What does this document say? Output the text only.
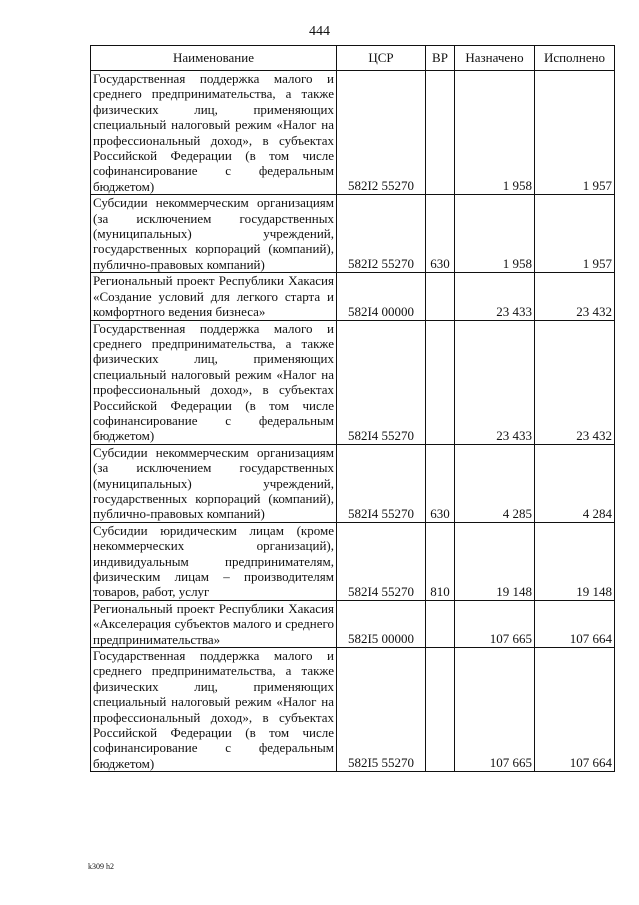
444
Наименование	ЦСР	ВР	Назначено	Исполнено
Государственная поддержка малого и среднего предпринимательства, а также физических лиц, применяющих специальный налоговый режим «Налог на профессиональный доход», в субъектах Российской Федерации (в том числе софинансирование с федеральным бюджетом)	582I2 55270		1 958	1 957
Субсидии некоммерческим организациям (за исключением государственных (муниципальных) учреждений, государственных корпораций (компаний), публично-правовых компаний)	582I2 55270	630	1 958	1 957
Региональный проект Республики Хакасия «Создание условий для легкого старта и комфортного ведения бизнеса»	582I4 00000		23 433	23 432
Государственная поддержка малого и среднего предпринимательства, а также физических лиц, применяющих специальный налоговый режим «Налог на профессиональный доход», в субъектах Российской Федерации (в том числе софинансирование с федеральным бюджетом)	582I4 55270		23 433	23 432
Субсидии некоммерческим организациям (за исключением государственных (муниципальных) учреждений, государственных корпораций (компаний), публично-правовых компаний)	582I4 55270	630	4 285	4 284
Субсидии юридическим лицам (кроме некоммерческих организаций), индивидуальным предпринимателям, физическим лицам – производителям товаров, работ, услуг	582I4 55270	810	19 148	19 148
Региональный проект Республики Хакасия «Акселерация субъектов малого и среднего предпринимательства»	582I5 00000		107 665	107 664
Государственная поддержка малого и среднего предпринимательства, а также физических лиц, применяющих специальный налоговый режим «Налог на профессиональный доход», в субъектах Российской Федерации (в том числе софинансирование с федеральным бюджетом)	582I5 55270		107 665	107 664
k309 h2
